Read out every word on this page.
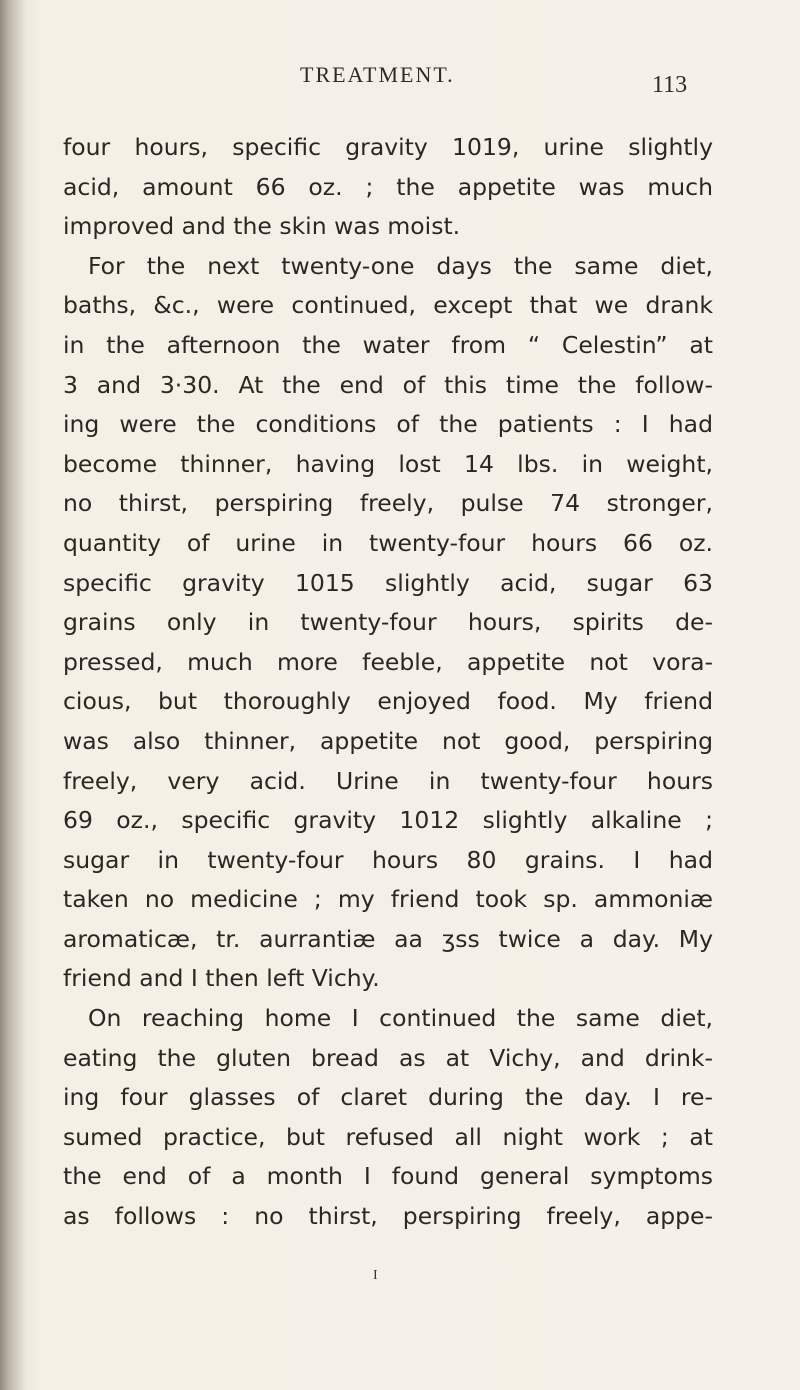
TREATMENT.	113
four hours, specific gravity 1019, urine slightly
acid, amount 66 oz. ; the appetite was much
improved and the skin was moist.
For the next twenty-one days the same diet,
baths, &c., were continued, except that we drank
in the afternoon the water from “ Celestin” at
3 and 3·30. At the end of this time the follow-
ing were the conditions of the patients : I had
become thinner, having lost 14 lbs. in weight,
no thirst, perspiring freely, pulse 74 stronger,
quantity of urine in twenty-four hours 66 oz.
specific gravity 1015 slightly acid, sugar 63
grains only in twenty-four hours, spirits de-
pressed, much more feeble, appetite not vora-
cious, but thoroughly enjoyed food. My friend
was also thinner, appetite not good, perspiring
freely, very acid. Urine in twenty-four hours
69 oz., specific gravity 1012 slightly alkaline ;
sugar in twenty-four hours 80 grains. I had
taken no medicine ; my friend took sp. ammoniæ
aromaticæ, tr. aurrantiæ aa ʒss twice a day. My
friend and I then left Vichy.
On reaching home I continued the same diet,
eating the gluten bread as at Vichy, and drink-
ing four glasses of claret during the day. I re-
sumed practice, but refused all night work ; at
the end of a month I found general symptoms
as follows : no thirst, perspiring freely, appe-
I
